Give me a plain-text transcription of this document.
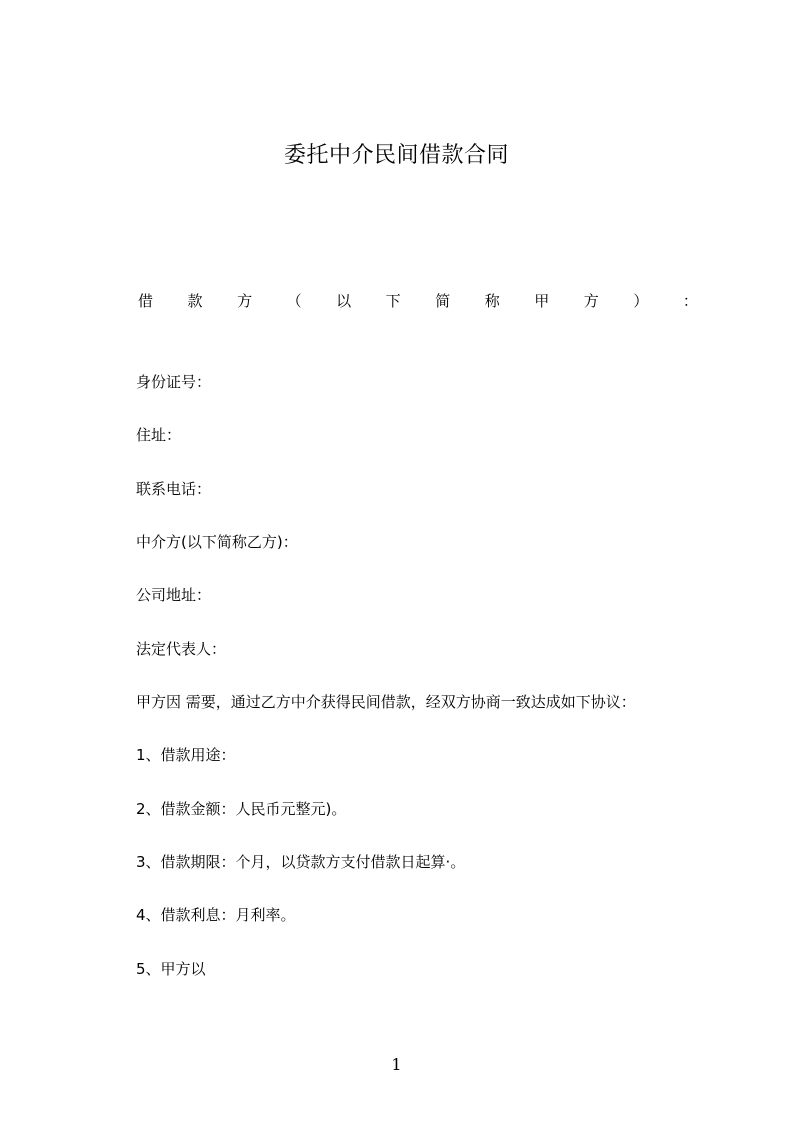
委托中介民间借款合同
借 款 方 （ 以 下 简 称 甲 方 ） ：
身份证号：
住址：
联系电话：
中介方(以下简称乙方)：
公司地址：
法定代表人：
甲方因 需要，通过乙方中介获得民间借款，经双方协商一致达成如下协议：
1、借款用途：
2、借款金额：人民币元整元)。
3、借款期限：个月，以贷款方支付借款日起算·。
4、借款利息：月利率。
5、甲方以
1
